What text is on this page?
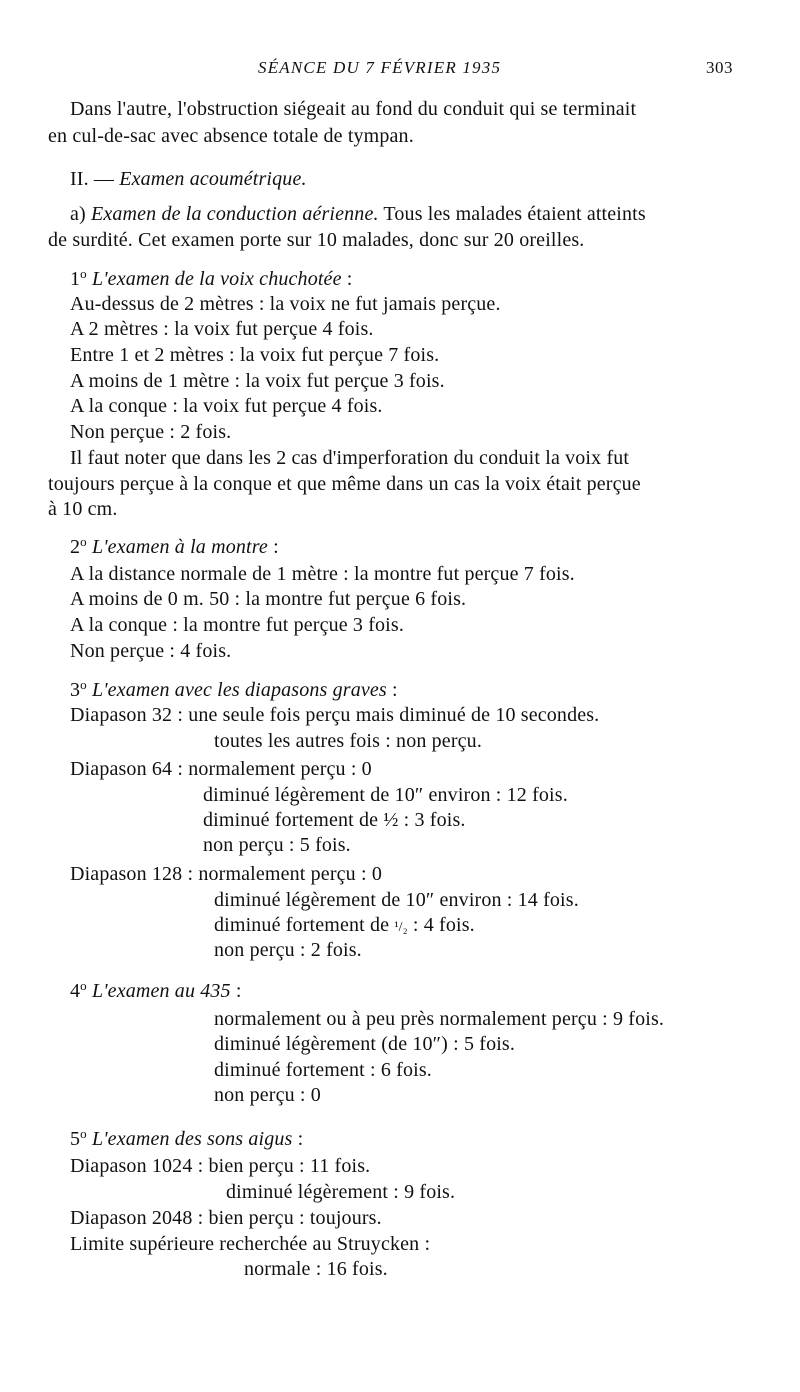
SÉANCE DU 7 FÉVRIER 1935	303
Dans l'autre, l'obstruction siégeait au fond du conduit qui se terminait
en cul-de-sac avec absence totale de tympan.
II. — Examen acoumétrique.
a) Examen de la conduction aérienne. Tous les malades étaient atteints
de surdité. Cet examen porte sur 10 malades, donc sur 20 oreilles.
1$^o$ L'examen de la voix chuchotée :
Au-dessus de 2 mètres : la voix ne fut jamais perçue.
A 2 mètres : la voix fut perçue 4 fois.
Entre 1 et 2 mètres : la voix fut perçue 7 fois.
A moins de 1 mètre : la voix fut perçue 3 fois.
A la conque : la voix fut perçue 4 fois.
Non perçue : 2 fois.
Il faut noter que dans les 2 cas d'imperforation du conduit la voix fut
toujours perçue à la conque et que même dans un cas la voix était perçue
à 10 cm.
2$^o$ L'examen à la montre :
A la distance normale de 1 mètre : la montre fut perçue 7 fois.
A moins de 0 m. 50 : la montre fut perçue 6 fois.
A la conque : la montre fut perçue 3 fois.
Non perçue : 4 fois.
3$^o$ L'examen avec les diapasons graves :
Diapason 32 : une seule fois perçu mais diminué de 10 secondes.
toutes les autres fois : non perçu.
Diapason 64 : normalement perçu : 0
diminué légèrement de 10″ environ : 12 fois.
diminué fortement de ½ : 3 fois.
non perçu : 5 fois.
Diapason 128 : normalement perçu : 0
diminué légèrement de 10″ environ : 14 fois.
diminué fortement de ¹/₂ : 4 fois.
non perçu : 2 fois.
4$^o$ L'examen au 435 :
normalement ou à peu près normalement perçu : 9 fois.
diminué légèrement (de 10″) : 5 fois.
diminué fortement : 6 fois.
non perçu : 0
5$^o$ L'examen des sons aigus :
Diapason 1024 : bien perçu : 11 fois.
diminué légèrement : 9 fois.
Diapason 2048 : bien perçu : toujours.
Limite supérieure recherchée au Struycken :
normale : 16 fois.
